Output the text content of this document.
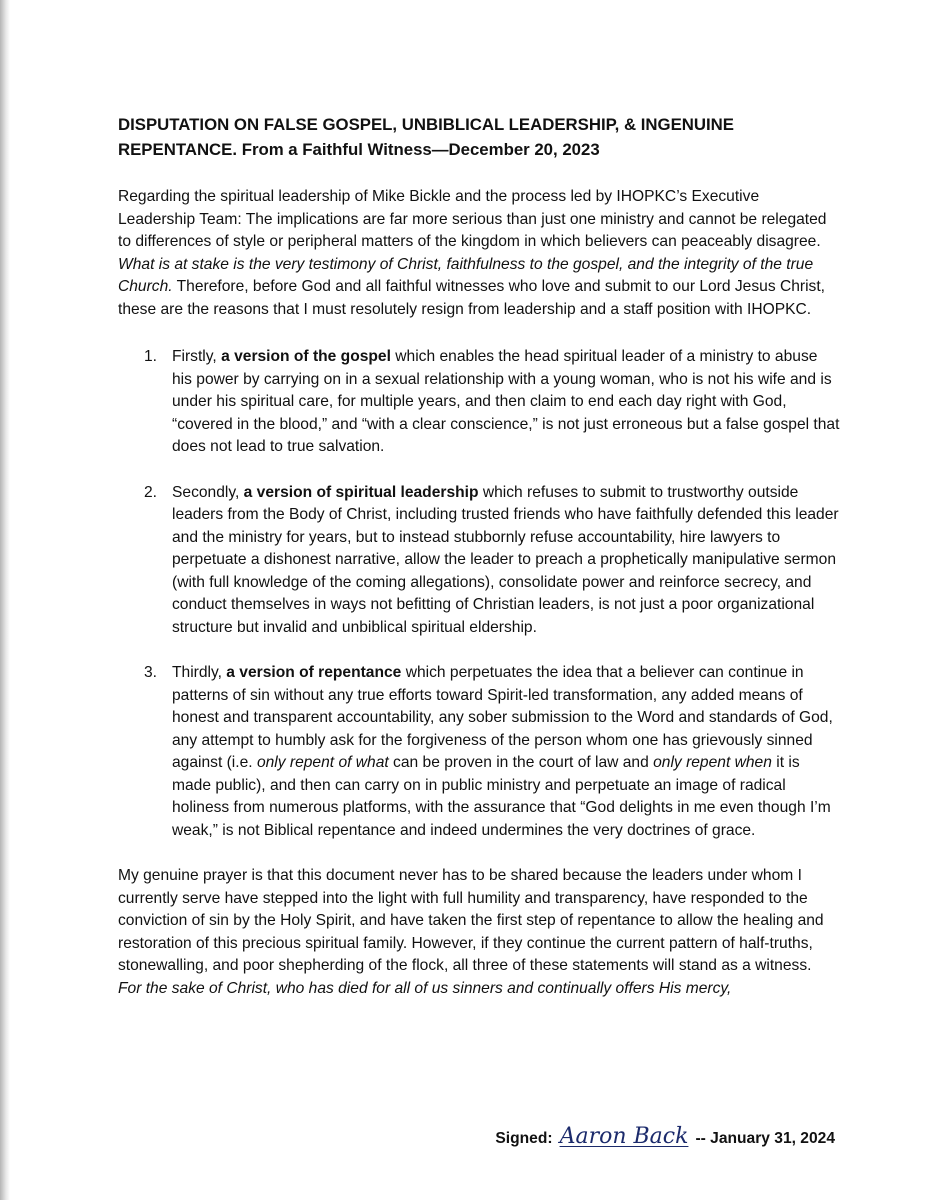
DISPUTATION ON FALSE GOSPEL, UNBIBLICAL LEADERSHIP, & INGENUINE REPENTANCE. From a Faithful Witness—December 20, 2023

Regarding the spiritual leadership of Mike Bickle and the process led by IHOPKC’s Executive Leadership Team: The implications are far more serious than just one ministry and cannot be relegated to differences of style or peripheral matters of the kingdom in which believers can peaceably disagree. What is at stake is the very testimony of Christ, faithfulness to the gospel, and the integrity of the true Church. Therefore, before God and all faithful witnesses who love and submit to our Lord Jesus Christ, these are the reasons that I must resolutely resign from leadership and a staff position with IHOPKC.

1. Firstly, a version of the gospel which enables the head spiritual leader of a ministry to abuse his power by carrying on in a sexual relationship with a young woman, who is not his wife and is under his spiritual care, for multiple years, and then claim to end each day right with God, “covered in the blood,” and “with a clear conscience,” is not just erroneous but a false gospel that does not lead to true salvation.
2. Secondly, a version of spiritual leadership which refuses to submit to trustworthy outside leaders from the Body of Christ, including trusted friends who have faithfully defended this leader and the ministry for years, but to instead stubbornly refuse accountability, hire lawyers to perpetuate a dishonest narrative, allow the leader to preach a prophetically manipulative sermon (with full knowledge of the coming allegations), consolidate power and reinforce secrecy, and conduct themselves in ways not befitting of Christian leaders, is not just a poor organizational structure but invalid and unbiblical spiritual eldership.
3. Thirdly, a version of repentance which perpetuates the idea that a believer can continue in patterns of sin without any true efforts toward Spirit-led transformation, any added means of honest and transparent accountability, any sober submission to the Word and standards of God, any attempt to humbly ask for the forgiveness of the person whom one has grievously sinned against (i.e. only repent of what can be proven in the court of law and only repent when it is made public), and then can carry on in public ministry and perpetuate an image of radical holiness from numerous platforms, with the assurance that “God delights in me even though I’m weak,” is not Biblical repentance and indeed undermines the very doctrines of grace.

My genuine prayer is that this document never has to be shared because the leaders under whom I currently serve have stepped into the light with full humility and transparency, have responded to the conviction of sin by the Holy Spirit, and have taken the first step of repentance to allow the healing and restoration of this precious spiritual family. However, if they continue the current pattern of half-truths, stonewalling, and poor shepherding of the flock, all three of these statements will stand as a witness.

For the sake of Christ, who has died for all of us sinners and continually offers His mercy,

Signed: Aaron Back -- January 31, 2024
